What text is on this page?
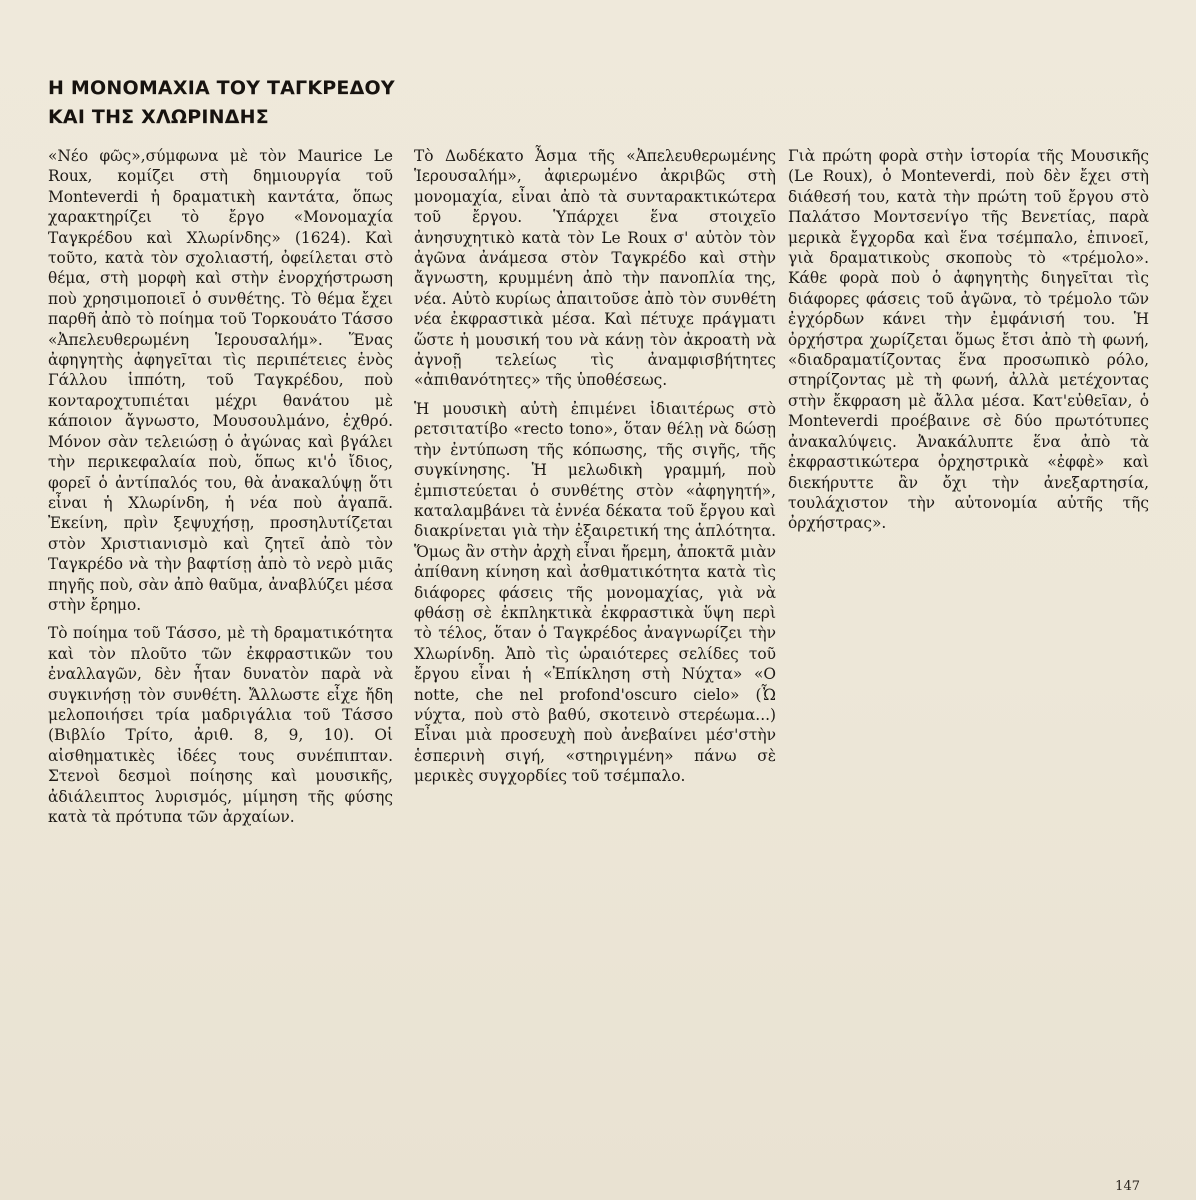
Η ΜΟΝΟΜΑΧΙΑ ΤΟΥ ΤΑΓΚΡΕΔΟΥ
ΚΑΙ ΤΗΣ ΧΛΩΡΙΝΔΗΣ

«Νέο φῶς»,σύμφωνα μὲ τὸν Maurice Le Roux, κομίζει στὴ δημιουργία τοῦ Monteverdi ἡ δραματικὴ καντάτα, ὅπως χαρακτηρίζει τὸ ἔργο «Μονομαχία Ταγκρέδου καὶ Χλωρίνδης» (1624). Καὶ τοῦτο, κατὰ τὸν σχολιαστή, ὀφείλεται στὸ θέμα, στὴ μορφὴ καὶ στὴν ἐνορχήστρωση ποὺ χρησιμοποιεῖ ὁ συνθέτης. Τὸ θέμα ἔχει παρθῆ ἀπὸ τὸ ποίημα τοῦ Τορκουάτο Τάσσο «Ἀπελευθερωμένη Ἱερουσαλήμ». Ἕνας ἀφηγητὴς ἀφηγεῖται τὶς περιπέτειες ἑνὸς Γάλλου ἱππότη, τοῦ Ταγκρέδου, ποὺ κονταροχτυπιέται μέχρι θανάτου μὲ κάποιον ἄγνωστο, Μουσουλμάνο, ἐχθρό. Μόνον σὰν τελειώσῃ ὁ ἀγώνας καὶ βγάλει τὴν περικεφαλαία ποὺ, ὅπως κι'ὁ ἴδιος, φορεῖ ὁ ἀντίπαλός του, θὰ ἀνακαλύψῃ ὅτι εἶναι ἡ Χλωρίνδη, ἡ νέα ποὺ ἀγαπᾶ. Ἐκείνη, πρὶν ξεψυχήσῃ, προσηλυτίζεται στὸν Χριστιανισμὸ καὶ ζητεῖ ἀπὸ τὸν Ταγκρέδο νὰ τὴν βαφτίσῃ ἀπὸ τὸ νερὸ μιᾶς πηγῆς ποὺ, σὰν ἀπὸ θαῦμα, ἀναβλύζει μέσα στὴν ἔρημο.

Τὸ ποίημα τοῦ Τάσσο, μὲ τὴ δραματικότητα καὶ τὸν πλοῦτο τῶν ἐκφραστικῶν του ἐναλλαγῶν, δὲν ἦταν δυνατὸν παρὰ νὰ συγκινήσῃ τὸν συνθέτη. Ἄλλωστε εἶχε ἤδη μελοποιήσει τρία μαδριγάλια τοῦ Τάσσο (Βιβλίο Τρίτο, ἀριθ. 8, 9, 10). Οἱ αἰσθηματικὲς ἰδέες τους συνέπιπταν. Στενοὶ δεσμοὶ ποίησης καὶ μουσικῆς, ἀδιάλειπτος λυρισμός, μίμηση τῆς φύσης κατὰ τὰ πρότυπα τῶν ἀρχαίων.

Τὸ Δωδέκατο Ἆσμα τῆς «Ἀπελευθερωμένης Ἱερουσαλήμ», ἀφιερωμένο ἀκριβῶς στὴ μονομαχία, εἶναι ἀπὸ τὰ συνταρακτικώτερα τοῦ ἔργου. Ὑπάρχει ἕνα στοιχεῖο ἀνησυχητικὸ κατὰ τὸν Le Roux σ' αὐτὸν τὸν ἀγῶνα ἀνάμεσα στὸν Ταγκρέδο καὶ στὴν ἄγνωστη, κρυμμένη ἀπὸ τὴν πανοπλία της, νέα. Αὐτὸ κυρίως ἀπαιτοῦσε ἀπὸ τὸν συνθέτη νέα ἐκφραστικὰ μέσα. Καὶ πέτυχε πράγματι ὥστε ἡ μουσική του νὰ κάνῃ τὸν ἀκροατὴ νὰ ἀγνοῇ τελείως τὶς ἀναμφισβήτητες «ἀπιθανότητες» τῆς ὑποθέσεως.

Ἡ μουσικὴ αὐτὴ ἐπιμένει ἰδιαιτέρως στὸ ρετσιτατίβο «recto tono», ὅταν θέλῃ νὰ δώσῃ τὴν ἐντύπωση τῆς κόπωσης, τῆς σιγῆς, τῆς συγκίνησης. Ἡ μελωδικὴ γραμμή, ποὺ ἐμπιστεύεται ὁ συνθέτης στὸν «ἀφηγητή», καταλαμβάνει τὰ ἐννέα δέκατα τοῦ ἔργου καὶ διακρίνεται γιὰ τὴν ἐξαιρετική της ἁπλότητα. Ὅμως ἂν στὴν ἀρχὴ εἶναι ἤρεμη, ἀποκτᾶ μιὰν ἀπίθανη κίνηση καὶ ἀσθματικότητα κατὰ τὶς διάφορες φάσεις τῆς μονομαχίας, γιὰ νὰ φθάσῃ σὲ ἐκπληκτικὰ ἐκφραστικὰ ὕψη περὶ τὸ τέλος, ὅταν ὁ Ταγκρέδος ἀναγνωρίζει τὴν Χλωρίνδη. Ἀπὸ τὶς ὡραιότερες σελίδες τοῦ ἔργου εἶναι ἡ «Ἐπίκληση στὴ Νύχτα» «O notte, che nel profond'oscuro cielo» (Ὦ νύχτα, ποὺ στὸ βαθύ, σκοτεινὸ στερέωμα...) Εἶναι μιὰ προσευχὴ ποὺ ἀνεβαίνει μέσ'στὴν ἑσπερινὴ σιγή, «στηριγμένη» πάνω σὲ μερικὲς συγχορδίες τοῦ τσέμπαλο.

Γιὰ πρώτη φορὰ στὴν ἱστορία τῆς Μουσικῆς (Le Roux), ὁ Monteverdi, ποὺ δὲν ἔχει στὴ διάθεσή του, κατὰ τὴν πρώτη τοῦ ἔργου στὸ Παλάτσο Μοντσενίγο τῆς Βενετίας, παρὰ μερικὰ ἔγχορδα καὶ ἕνα τσέμπαλο, ἐπινοεῖ, γιὰ δραματικοὺς σκοποὺς τὸ «τρέμολο». Κάθε φορὰ ποὺ ὁ ἀφηγητὴς διηγεῖται τὶς διάφορες φάσεις τοῦ ἀγῶνα, τὸ τρέμολο τῶν ἐγχόρδων κάνει τὴν ἐμφάνισή του. Ἡ ὀρχήστρα χωρίζεται ὅμως ἔτσι ἀπὸ τὴ φωνή, «διαδραματίζοντας ἕνα προσωπικὸ ρόλο, στηρίζοντας μὲ τὴ φωνή, ἀλλὰ μετέχοντας στὴν ἔκφραση μὲ ἄλλα μέσα. Κατ'εὐθεῖαν, ὁ Monteverdi προέβαινε σὲ δύο πρωτότυπες ἀνακαλύψεις. Ἀνακάλυπτε ἕνα ἀπὸ τὰ ἐκφραστικώτερα ὀρχηστρικὰ «ἐφφὲ» καὶ διεκήρυττε ἂν ὄχι τὴν ἀνεξαρτησία, τουλάχιστον τὴν αὐτονομία αὐτῆς τῆς ὀρχήστρας».

147
